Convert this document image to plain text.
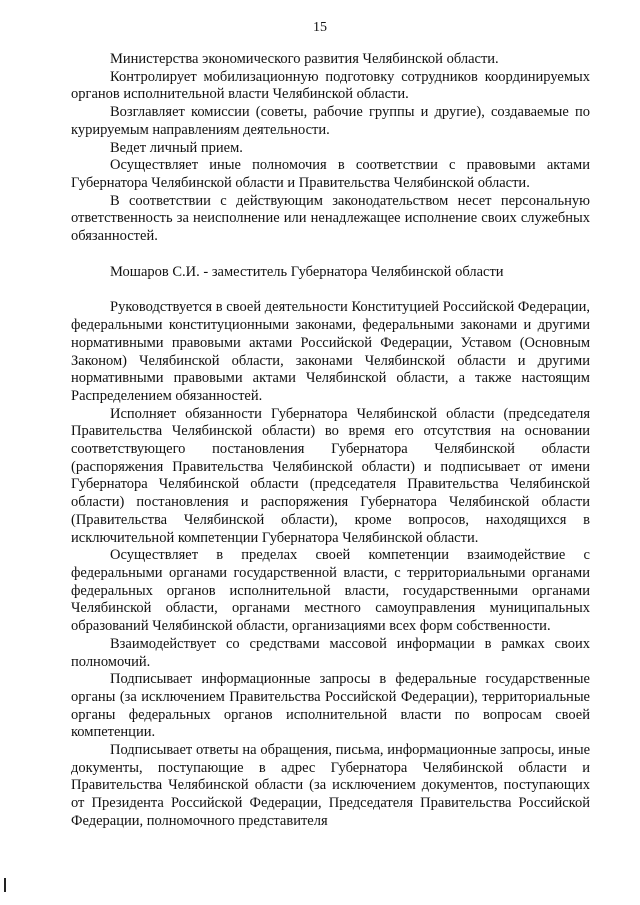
15

Министерства экономического развития Челябинской области.

Контролирует мобилизационную подготовку сотрудников координируемых органов исполнительной власти Челябинской области.

Возглавляет комиссии (советы, рабочие группы и другие), создаваемые по курируемым направлениям деятельности.

Ведет личный прием.

Осуществляет иные полномочия в соответствии с правовыми актами Губернатора Челябинской области и Правительства Челябинской области.

В соответствии с действующим законодательством несет персональную ответственность за неисполнение или ненадлежащее исполнение своих служебных обязанностей.

Мошаров С.И. - заместитель Губернатора Челябинской области

Руководствуется в своей деятельности Конституцией Российской Федерации, федеральными конституционными законами, федеральными законами и другими нормативными правовыми актами Российской Федерации, Уставом (Основным Законом) Челябинской области, законами Челябинской области и другими нормативными правовыми актами Челябинской области, а также настоящим Распределением обязанностей.

Исполняет обязанности Губернатора Челябинской области (председателя Правительства Челябинской области) во время его отсутствия на основании соответствующего постановления Губернатора Челябинской области (распоряжения Правительства Челябинской области) и подписывает от имени Губернатора Челябинской области (председателя Правительства Челябинской области) постановления и распоряжения Губернатора Челябинской области (Правительства Челябинской области), кроме вопросов, находящихся в исключительной компетенции Губернатора Челябинской области.

Осуществляет в пределах своей компетенции взаимодействие с федеральными органами государственной власти, с территориальными органами федеральных органов исполнительной власти, государственными органами Челябинской области, органами местного самоуправления муниципальных образований Челябинской области, организациями всех форм собственности.

Взаимодействует со средствами массовой информации в рамках своих полномочий.

Подписывает информационные запросы в федеральные государственные органы (за исключением Правительства Российской Федерации), территориальные органы федеральных органов исполнительной власти по вопросам своей компетенции.

Подписывает ответы на обращения, письма, информационные запросы, иные документы, поступающие в адрес Губернатора Челябинской области и Правительства Челябинской области (за исключением документов, поступающих от Президента Российской Федерации, Председателя Правительства Российской Федерации, полномочного представителя
